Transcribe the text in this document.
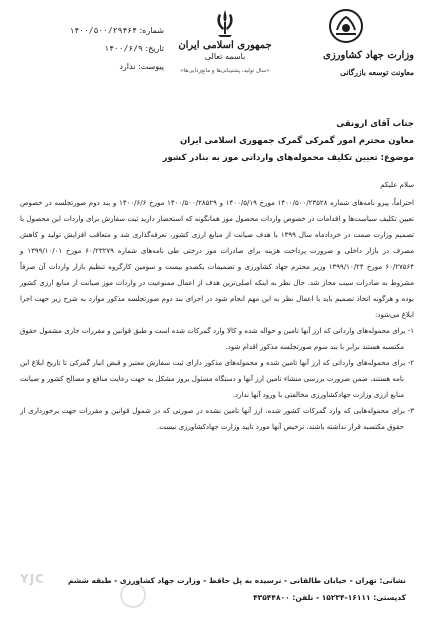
شماره: ۱۴۰۰/۵۰۰/۲۹۴۶۴
تاریخ: ۱۴۰۰/۶/۹
پیوست: ندارد
جمهوری اسلامی ایران
باسمه تعالی
«سال تولید، پشتیبانی‌ها و مانع‌زدایی‌ها»
وزارت جهاد کشاورزی
معاونت توسعه بازرگانی
جناب آقای ارونقی
معاون محترم امور گمرکی گمرک جمهوری اسلامی ایران
موضوع: تعیین تکلیف محموله‌های وارداتی موز به بنادر کشور

سلام علیکم

احتراماً، پیرو نامه‌های شماره ۱۴۰۰/۵۰۰/۲۳۵۲۸ مورخ ۱۴۰۰/۵/۱۹ و ۱۴۰۰/۵۰۰/۲۸۵۲۹ مورخ ۱۴۰۰/۶/۶ و بند دوم صورتجلسه در خصوص تعیین تکلیف سیاست‌ها و اقدامات در خصوص واردات محصول موز همانگونه که استحضار دارید ثبت سفارش برای واردات این محصول با تصمیم وزارت صمت در خردادماه سال ۱۳۹۹ با هدف صیانت از منابع ارزی کشور، تعرفه‌گذاری شد و متعاقب افزایش تولید و کاهش مصرف در بازار داخلی و ضرورت پرداخت هزینه برای صادرات موز درختی طی نامه‌های شماره ۶۰/۲۳۲۷۹ مورخ ۱۳۹۹/۱۰/۰۱ و ۶۰/۲۷۵۶۴ مورخ ۱۳۹۹/۱۰/۲۴ وزیر محترم جهاد کشاورزی و تصمیمات یکصدو بیست و سومین کارگروه تنظیم بازار واردات آن صرفاً مشروط به صادرات سیب مجاز شد. حال نظر به اینکه اصلی‌ترین هدف از اعمال ممنوعیت در واردات موز صیانت از منابع ارزی کشور بوده و هرگونه اتخاذ تصمیم باید با اعمال نظر به این مهم انجام شود در اجرای بند دوم صورتجلسه مذکور موارد به شرح زیر جهت اجرا ابلاغ می‌شود:

۱- برای محموله‌های وارداتی که ارز آنها تامین و حواله شده و کالا وارد گمرکات شده است و طبق قوانین و مقررات جاری مشمول حقوق مکتسبه هستند برابر با بند سوم صورتجلسه مذکور اقدام شود.

۲- برای محموله‌های وارداتی که ارز آنها تامین شده و محموله‌های مذکور دارای ثبت سفارش معتبر و قبض انبار گمرکی تا تاریخ ابلاغ این نامه هستند، ضمن ضرورت بررسی منشاء تامین ارز آنها و دستگاه مسئول بروز مشکل به جهت رعایت منافع و مصالح کشور و صیانت منابع ارزی وزارت جهادکشاورزی مخالفتی با ورود آنها ندارد.

۳- برای محموله‌هایی که وارد گمرکات کشور شده، ارز آنها تامین نشده در صورتی که در شمول قوانین و مقررات جهت برخورداری از حقوق مکتسبه قرار نداشته باشند، ترخیص آنها مورد تایید وزارت جهادکشاورزی نیست.

YJC	نشانی: تهران - خیابان طالقانی - نرسیده به پل حافظ - وزارت جهاد کشاورزی - طبقه ششم
کدپستی: ۱۶۱۱۱-۱۵۲۳۴ - تلفن: ۴۳۵۴۴۸۰۰
